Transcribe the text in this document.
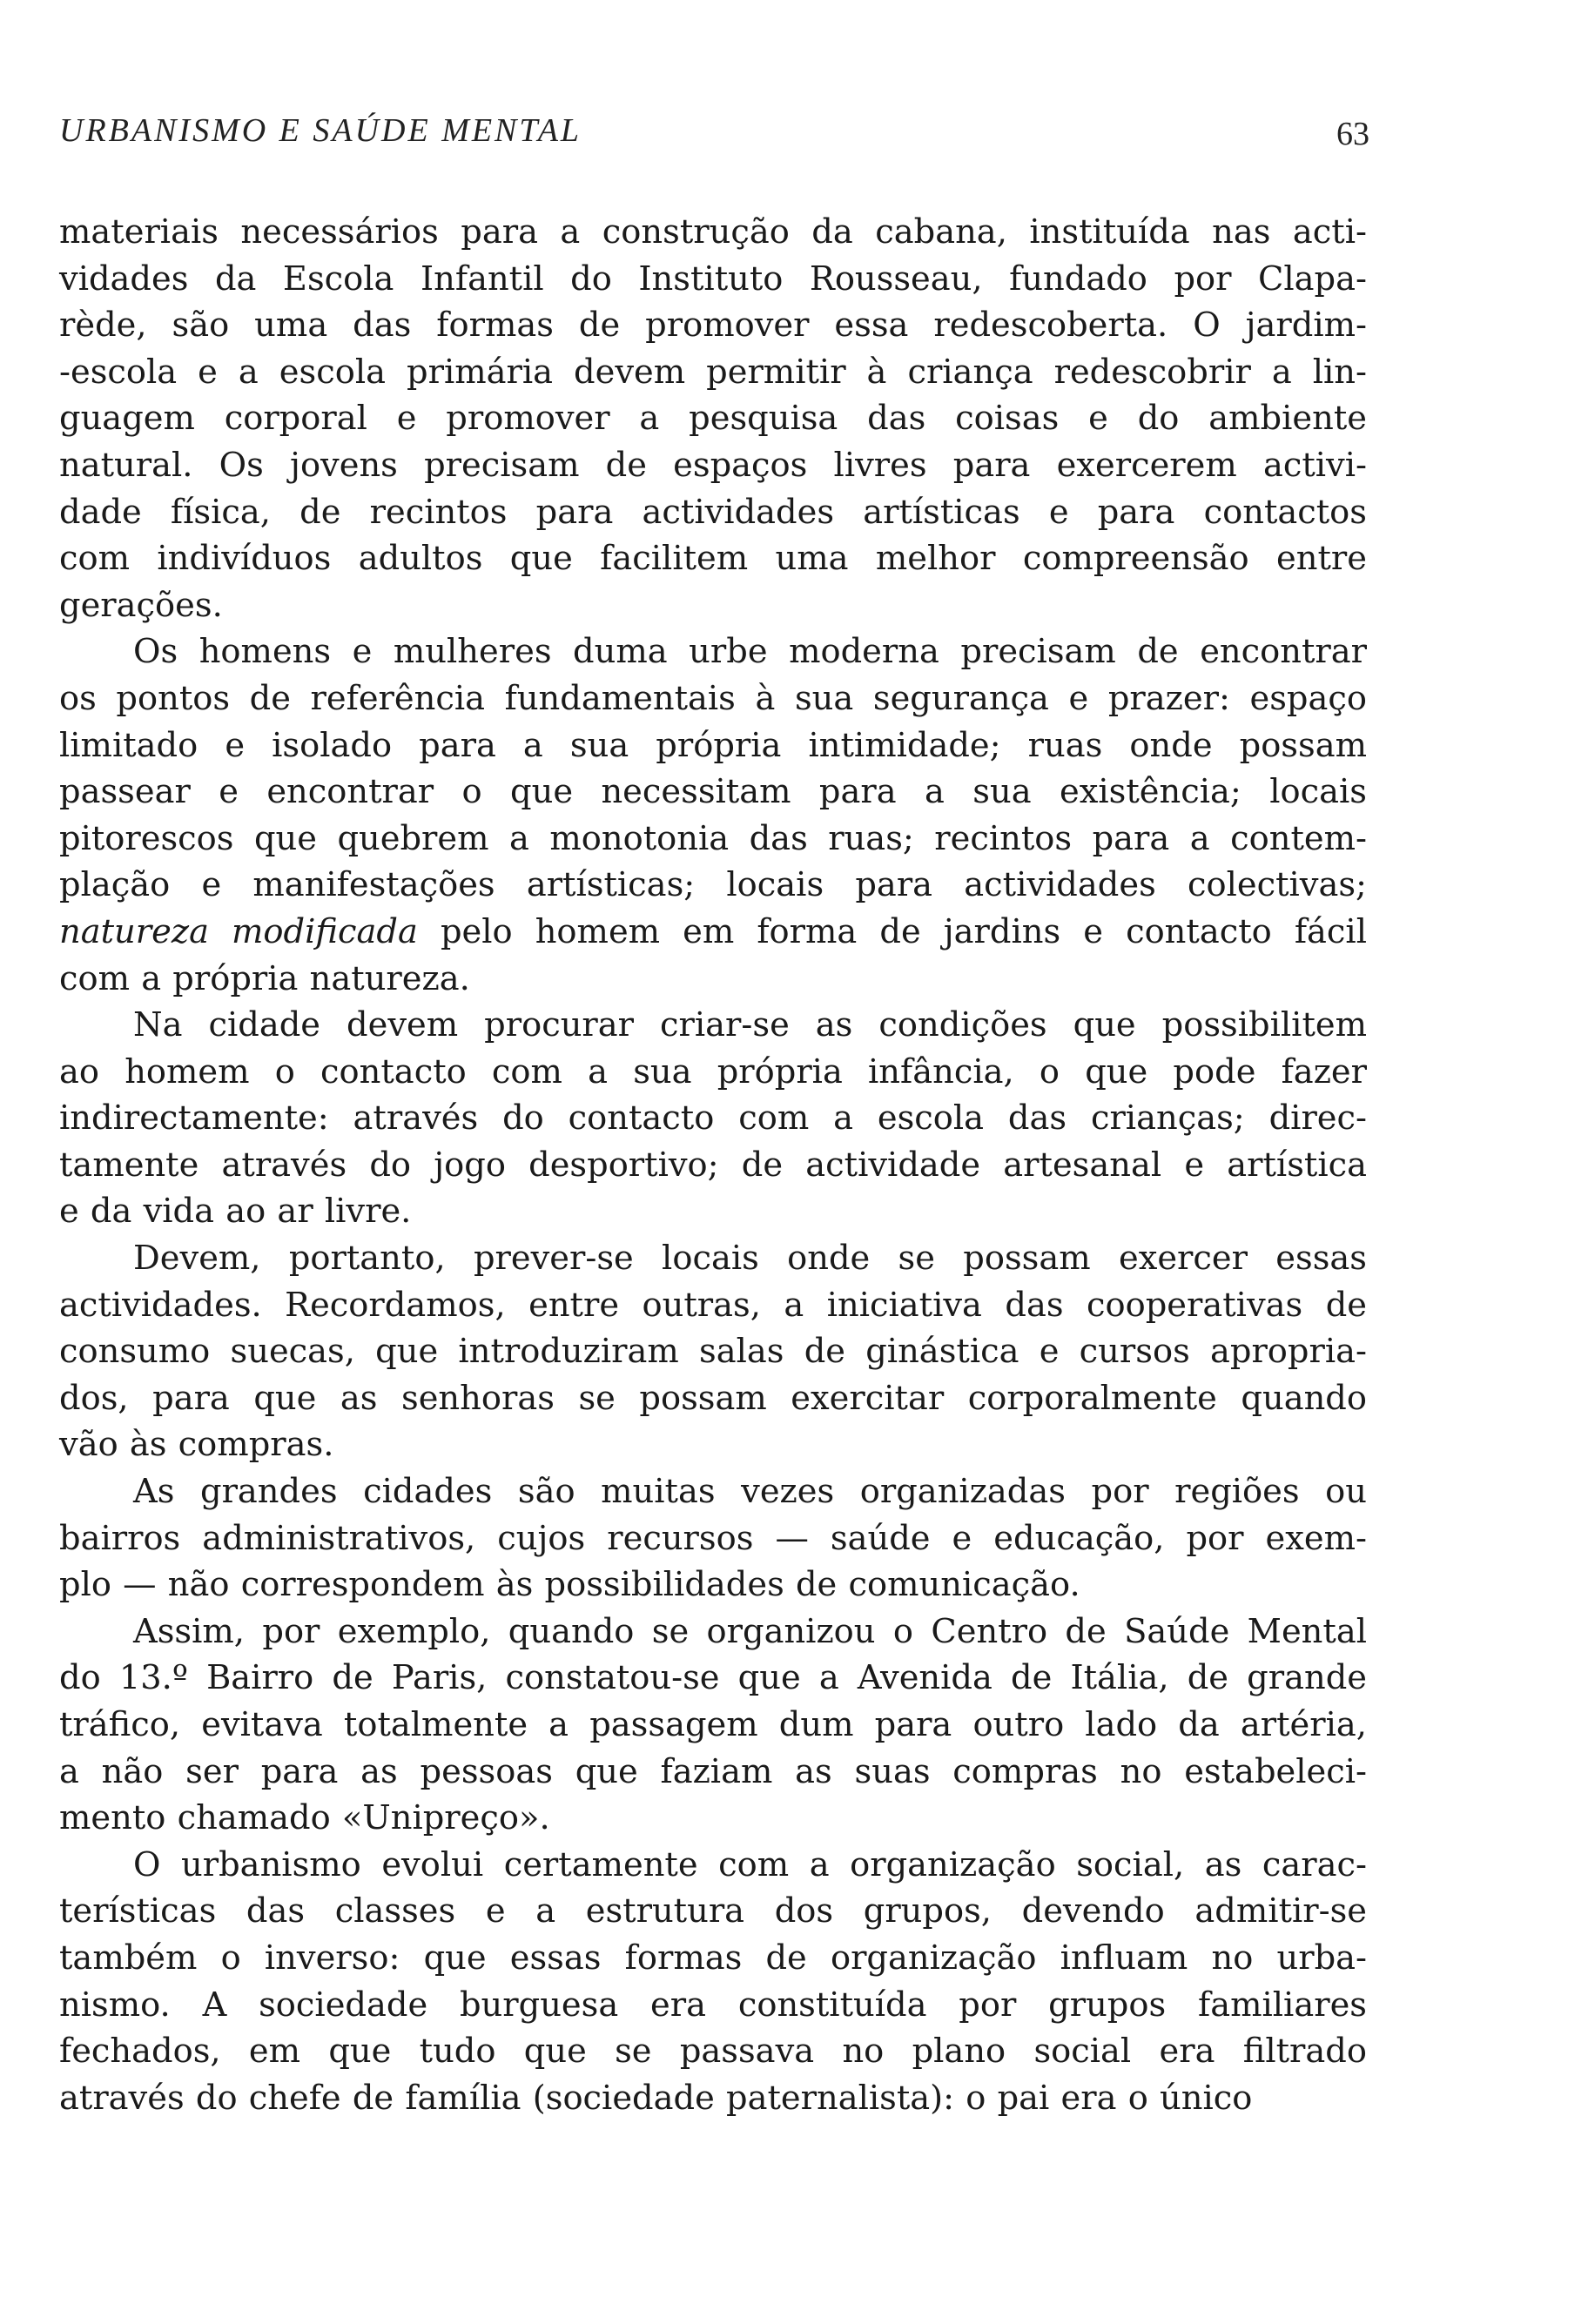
URBANISMO E SAÚDE MENTAL	63

materiais necessários para a construção da cabana, instituída nas acti-
vidades da Escola Infantil do Instituto Rousseau, fundado por Clapa-
rède, são uma das formas de promover essa redescoberta. O jardim-
-escola e a escola primária devem permitir à criança redescobrir a lin-
guagem corporal e promover a pesquisa das coisas e do ambiente
natural. Os jovens precisam de espaços livres para exercerem activi-
dade física, de recintos para actividades artísticas e para contactos
com indivíduos adultos que facilitem uma melhor compreensão entre
gerações.

Os homens e mulheres duma urbe moderna precisam de encontrar
os pontos de referência fundamentais à sua segurança e prazer: espaço
limitado e isolado para a sua própria intimidade; ruas onde possam
passear e encontrar o que necessitam para a sua existência; locais
pitorescos que quebrem a monotonia das ruas; recintos para a contem-
plação e manifestações artísticas; locais para actividades colectivas;
natureza modificada pelo homem em forma de jardins e contacto fácil
com a própria natureza.

Na cidade devem procurar criar-se as condições que possibilitem
ao homem o contacto com a sua própria infância, o que pode fazer
indirectamente: através do contacto com a escola das crianças; direc-
tamente através do jogo desportivo; de actividade artesanal e artística
e da vida ao ar livre.

Devem, portanto, prever-se locais onde se possam exercer essas
actividades. Recordamos, entre outras, a iniciativa das cooperativas de
consumo suecas, que introduziram salas de ginástica e cursos apropria-
dos, para que as senhoras se possam exercitar corporalmente quando
vão às compras.

As grandes cidades são muitas vezes organizadas por regiões ou
bairros administrativos, cujos recursos — saúde e educação, por exem-
plo — não correspondem às possibilidades de comunicação.

Assim, por exemplo, quando se organizou o Centro de Saúde Mental
do 13.º Bairro de Paris, constatou-se que a Avenida de Itália, de grande
tráfico, evitava totalmente a passagem dum para outro lado da artéria,
a não ser para as pessoas que faziam as suas compras no estabeleci-
mento chamado «Unipreço».

O urbanismo evolui certamente com a organização social, as carac-
terísticas das classes e a estrutura dos grupos, devendo admitir-se
também o inverso: que essas formas de organização influam no urba-
nismo. A sociedade burguesa era constituída por grupos familiares
fechados, em que tudo que se passava no plano social era filtrado
através do chefe de família (sociedade paternalista): o pai era o único
